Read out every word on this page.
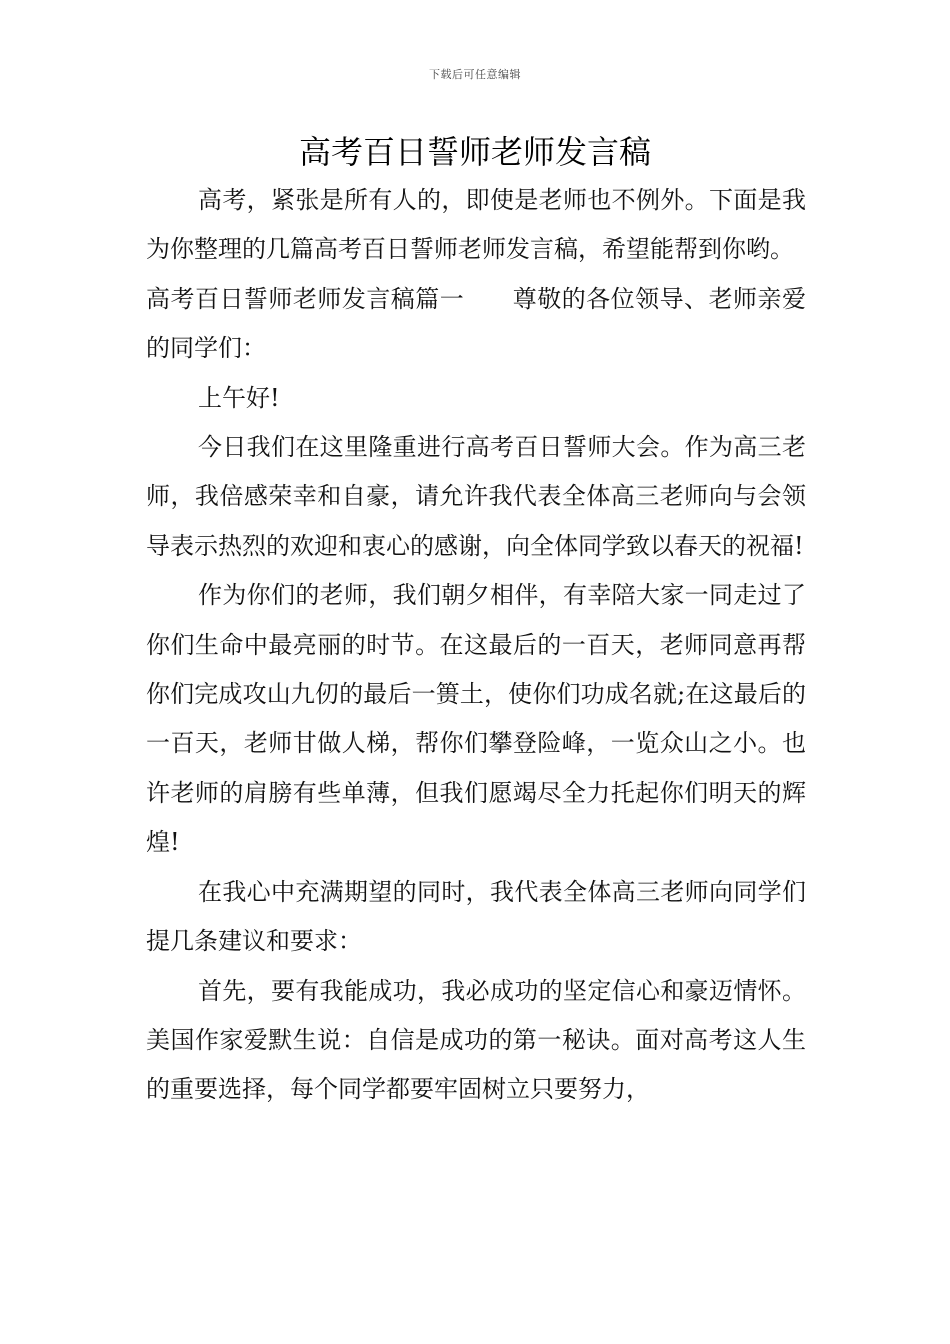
下载后可任意编辑
高考百日誓师老师发言稿

高考，紧张是所有人的，即使是老师也不例外。下面是我为你整理的几篇高考百日誓师老师发言稿，希望能帮到你哟。

高考百日誓师老师发言稿篇一 尊敬的各位领导、老师亲爱的同学们：

上午好!

今日我们在这里隆重进行高考百日誓师大会。作为高三老师，我倍感荣幸和自豪，请允许我代表全体高三老师向与会领导表示热烈的欢迎和衷心的感谢，向全体同学致以春天的祝福!

作为你们的老师，我们朝夕相伴，有幸陪大家一同走过了你们生命中最亮丽的时节。在这最后的一百天，老师同意再帮你们完成攻山九仞的最后一篑土，使你们功成名就;在这最后的一百天，老师甘做人梯，帮你们攀登险峰，一览众山之小。也许老师的肩膀有些单薄，但我们愿竭尽全力托起你们明天的辉煌!

在我心中充满期望的同时，我代表全体高三老师向同学们提几条建议和要求：

首先，要有我能成功，我必成功的坚定信心和豪迈情怀。美国作家爱默生说：自信是成功的第一秘诀。面对高考这人生的重要选择，每个同学都要牢固树立只要努力，
